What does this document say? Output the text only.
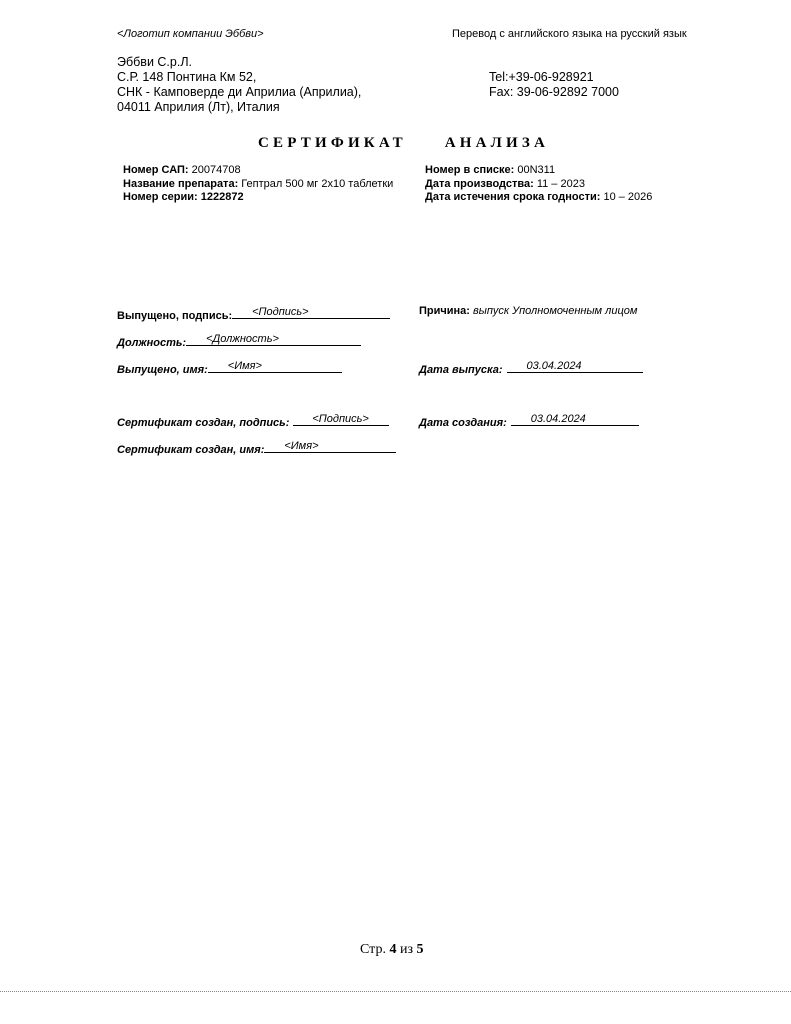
<Логотип компании Эббви>	Перевод с английского языка на русский язык
Эббви С.р.Л.
С.Р. 148 Понтина Км 52,
СНК - Камповерде ди Априлиа (Априлиа),
04011 Априлия (Лт), Италия
Tel:+39-06-928921
Fax: 39-06-92892 7000
СЕРТИФИКАТ	АНАЛИЗА
Номер САП: 20074708
Название препарата: Гептрал 500 мг 2х10 таблетки
Номер серии: 1222872
Номер в списке: 00N311
Дата производства: 11 – 2023
Дата истечения срока годности: 10 – 2026
Выпущено, подпись: <Подпись>	Причина: выпуск Уполномоченным лицом
Должность: <Должность>
Выпущено, имя: <Имя>	Дата выпуска: 03.04.2024
Сертификат создан, подпись: <Подпись>	Дата создания: 03.04.2024
Сертификат создан, имя: <Имя>
Стр. 4 из 5
